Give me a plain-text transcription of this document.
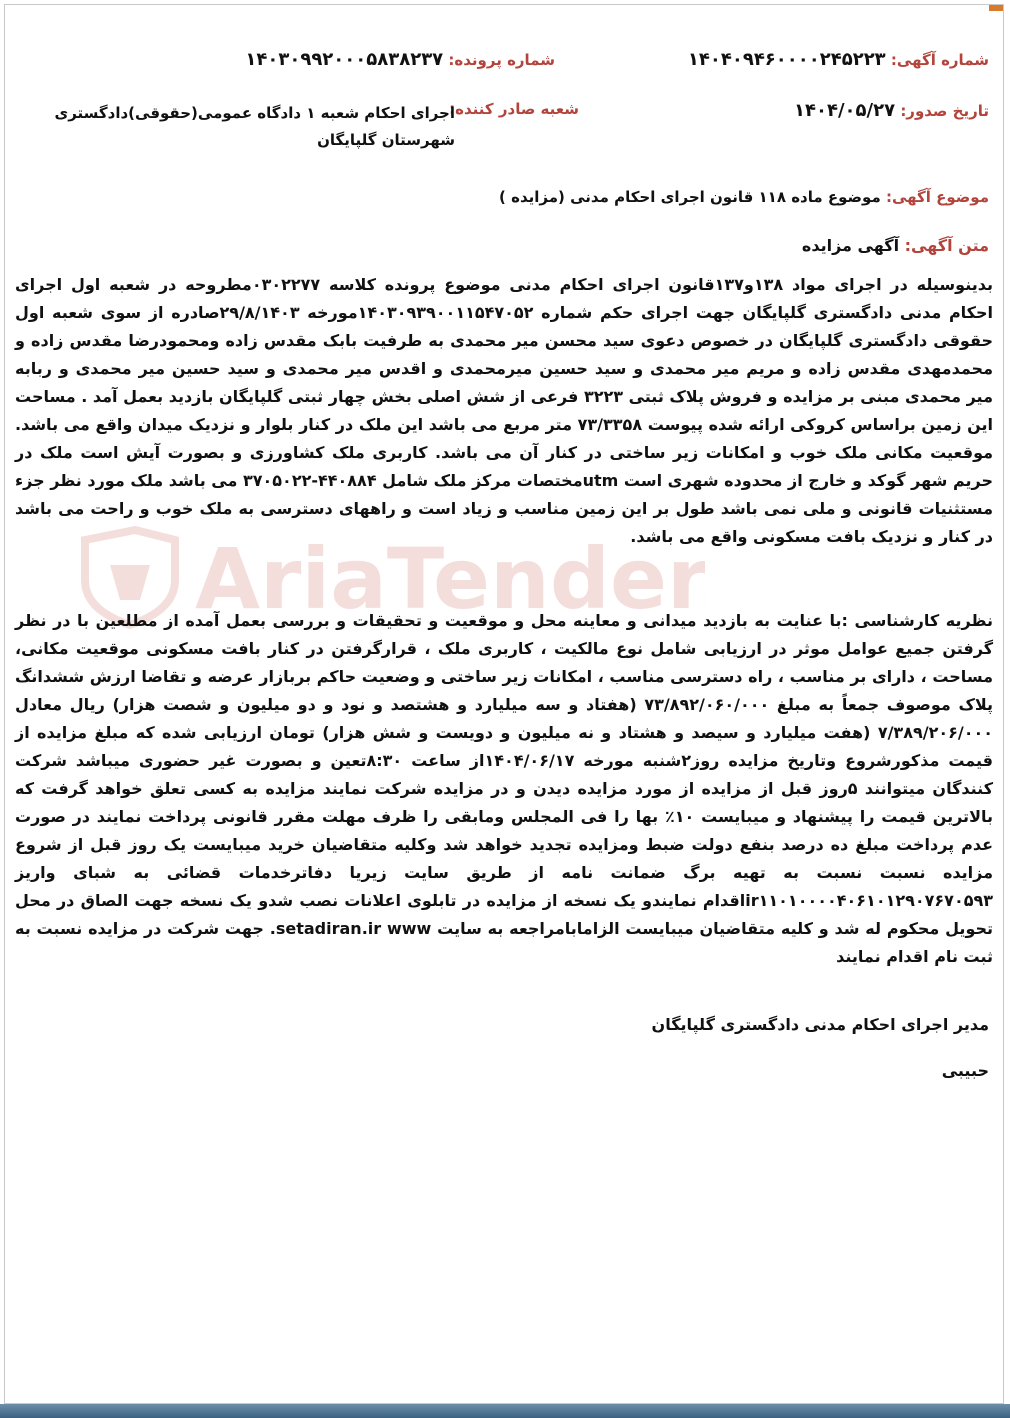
شماره آگهی: ۱۴۰۴۰۹۴۶۰۰۰۰۲۴۵۲۲۳
شماره پرونده: ۱۴۰۳۰۹۹۲۰۰۰۵۸۳۸۲۳۷
تاریخ صدور: ۱۴۰۴/۰۵/۲۷
شعبه صادر کننده:
اجرای احکام شعبه ۱ دادگاه عمومی(حقوقی)دادگستری
شهرستان گلپایگان
موضوع آگهی: موضوع ماده ۱۱۸ قانون اجرای احکام مدنی (مزایده )
متن آگهی: آگهی مزایده
AriaTender
بدینوسیله در اجرای مواد ۱۳۸و۱۳۷قانون اجرای احکام مدنی موضوع پرونده کلاسه ۰۳۰۲۲۷۷مطروحه در شعبه اول اجرای احکام مدنی دادگستری گلپایگان جهت اجرای حکم شماره ۱۴۰۳۰۹۳۹۰۰۱۱۵۴۷۰۵۲مورخه ۲۹/۸/۱۴۰۳صادره از سوی شعبه اول حقوقی دادگستری گلپایگان در خصوص دعوی سید محسن میر محمدی به طرفیت بابک مقدس زاده ومحمودرضا مقدس زاده و محمدمهدی مقدس زاده و مریم میر محمدی و سید حسین میرمحمدی و اقدس میر محمدی و سید حسین میر محمدی و ربابه میر محمدی مبنی بر مزایده و فروش پلاک ثبتی ۳۲۲۳ فرعی از شش اصلی بخش چهار ثبتی گلپایگان بازدید بعمل آمد . مساحت این زمین براساس کروکی ارائه شده پیوست ۷۳/۳۳۵۸ متر مربع می باشد این ملک در کنار بلوار و نزدیک میدان واقع می باشد. موقعیت مکانی ملک خوب و امکانات زیر ساختی در کنار آن می باشد. کاربری ملک کشاورزی و بصورت آیش است ملک در حریم شهر گوکد و خارج از محدوده شهری است utmمختصات مرکز ملک شامل ۴۴۰۸۸۴-۳۷۰۵۰۲۲ می باشد ملک مورد نظر جزء مستثنیات قانونی و ملی نمی باشد طول بر این زمین مناسب و زیاد است و راههای دسترسی به ملک خوب و راحت می باشد در کنار و نزدیک بافت مسکونی واقع می باشد.
نظریه کارشناسی :با عنایت به بازدید میدانی و معاینه محل و موقعیت و تحقیقات و بررسی بعمل آمده از مطلعین با در نظر گرفتن جمیع عوامل موثر در ارزیابی شامل نوع مالکیت ، کاربری ملک ، قرارگرفتن در کنار بافت مسکونی موقعیت مکانی، مساحت ، دارای بر مناسب ، راه دسترسی مناسب ، امکانات زیر ساختی و وضعیت حاکم بربازار عرضه و تقاضا ارزش ششدانگ پلاک موصوف جمعاً به مبلغ ۷۳/۸۹۲/۰۶۰/۰۰۰ (هفتاد و سه میلیارد و هشتصد و نود و دو میلیون و شصت هزار) ریال معادل ۷/۳۸۹/۲۰۶/۰۰۰ (هفت میلیارد و سیصد و هشتاد و نه میلیون و دویست و شش هزار) تومان ارزیابی شده که مبلغ مزایده از قیمت مذکورشروع وتاریخ مزایده روز۲شنبه مورخه ۱۴۰۴/۰۶/۱۷از ساعت ۸:۳۰تعین و بصورت غیر حضوری میباشد شرکت کنندگان میتوانند ۵روز قبل از مزایده از مورد مزایده دیدن و در مزایده شرکت نمایند مزایده به کسی تعلق خواهد گرفت که بالاترین قیمت را پیشنهاد و میبایست ۱۰٪ بها را فی المجلس ومابقی را ظرف مهلت مقرر قانونی پرداخت نمایند در صورت عدم پرداخت مبلغ ده درصد بنفع دولت ضبط ومزایده تجدید خواهد شد وکلیه متقاضیان خرید میبایست یک روز قبل از شروع مزایده نسبت نسبت به تهیه برگ ضمانت نامه از طریق سایت زیریا دفاترخدمات قضائی به شبای واریز ir۱۱۰۱۰۰۰۰۴۰۶۱۰۱۲۹۰۷۶۷۰۵۹۳اقدام نمایندو یک نسخه از مزایده در تابلوی اعلانات نصب شدو یک نسخه جهت الصاق در محل تحویل محکوم له شد و کلیه متقاضیان میبایست الزامابامراجعه به سایت setadiran.ir www. جهت شرکت در مزایده نسبت به ثبت نام اقدام نمایند
مدیر اجرای احکام مدنی دادگستری گلپایگان
حبیبی
